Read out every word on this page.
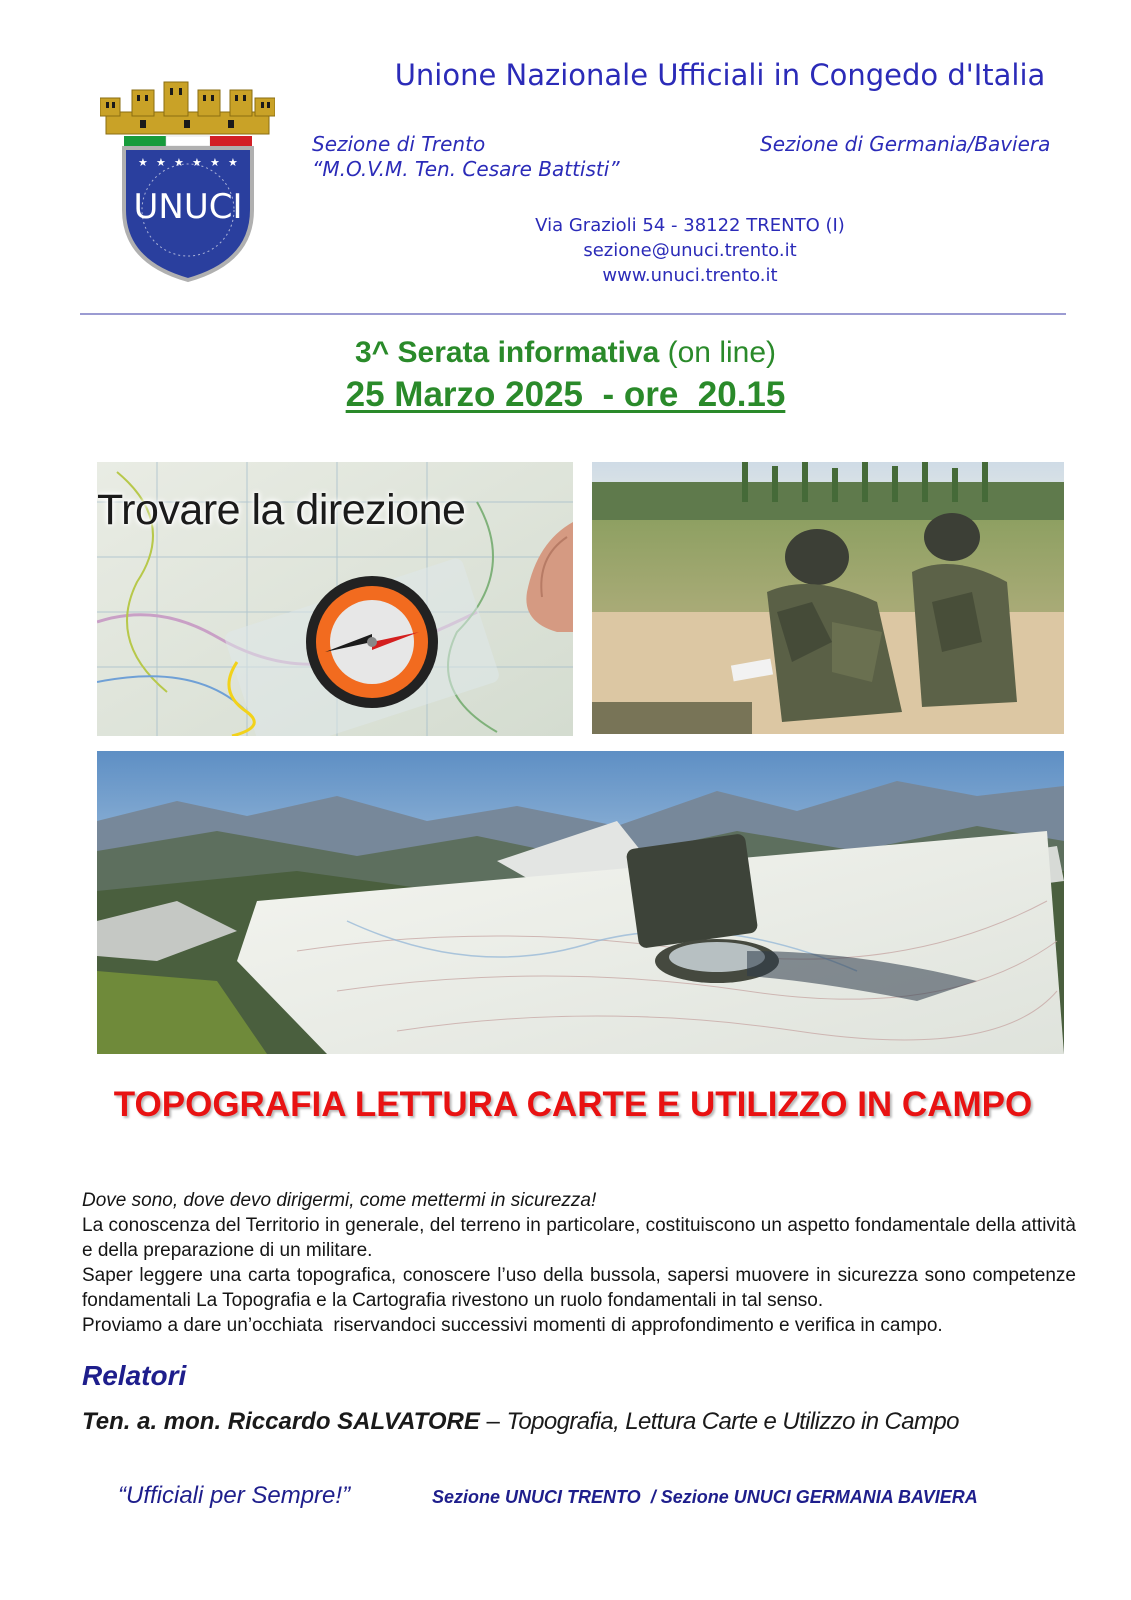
★ ★ ★ ★ ★ ★
UNUCI
Unione Nazionale Ufficiali in Congedo d'Italia
Sezione di Trento
“M.O.V.M. Ten. Cesare Battisti”
Sezione di Germania/Baviera
Via Grazioli 54 - 38122 TRENTO (I)
sezione@unuci.trento.it
www.unuci.trento.it
3^ Serata informativa (on line)
25 Marzo 2025  - ore  20.15
Trovare la direzione
TOPOGRAFIA LETTURA CARTE E UTILIZZO IN CAMPO

Dove sono, dove devo dirigermi, come mettermi in sicurezza!

La conoscenza del Territorio in generale, del terreno in particolare, costituiscono un aspetto fondamentale della attività e della preparazione di un militare.

Saper leggere una carta topografica, conoscere l’uso della bussola, sapersi muovere in sicurezza sono competenze fondamentali La Topografia e la Cartografia rivestono un ruolo fondamentali in tal senso.

Proviamo a dare un’occhiata  riservandoci successivi momenti di approfondimento e verifica in campo.

Relatori
Ten. a. mon. Riccardo SALVATORE – Topografia, Lettura Carte e Utilizzo in Campo
“Ufficiali per Sempre!”	Sezione UNUCI TRENTO  / Sezione UNUCI GERMANIA BAVIERA
